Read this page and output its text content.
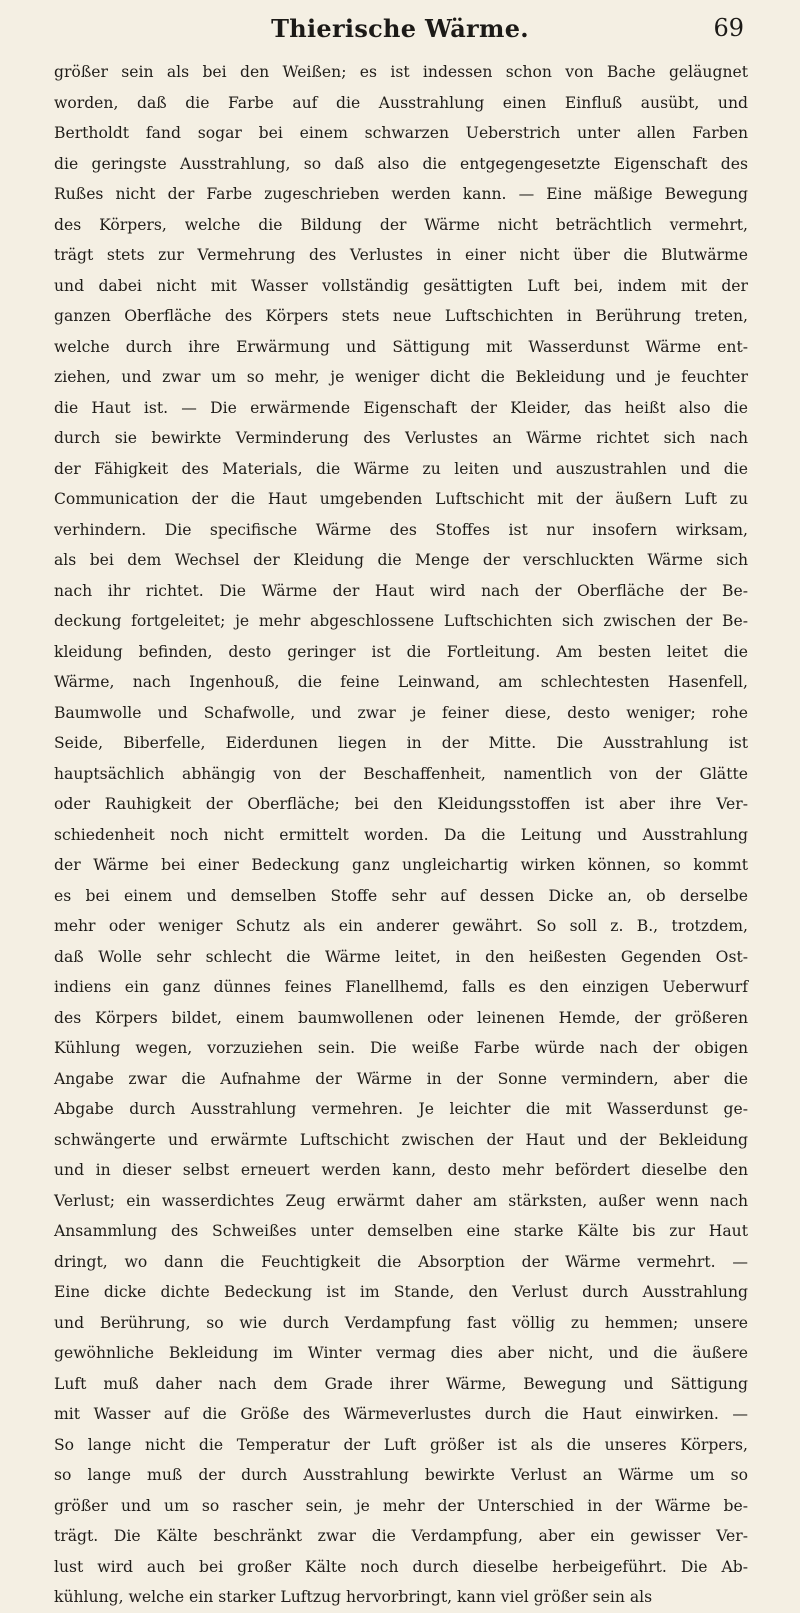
Thierische Wärme.	69
größer sein als bei den Weißen; es ist indessen schon von Bache geläugnet
worden, daß die Farbe auf die Ausstrahlung einen Einfluß ausübt, und
Bertholdt fand sogar bei einem schwarzen Ueberstrich unter allen Farben
die geringste Ausstrahlung, so daß also die entgegengesetzte Eigenschaft des
Rußes nicht der Farbe zugeschrieben werden kann. — Eine mäßige Bewegung
des Körpers, welche die Bildung der Wärme nicht beträchtlich vermehrt,
trägt stets zur Vermehrung des Verlustes in einer nicht über die Blutwärme
und dabei nicht mit Wasser vollständig gesättigten Luft bei, indem mit der
ganzen Oberfläche des Körpers stets neue Luftschichten in Berührung treten,
welche durch ihre Erwärmung und Sättigung mit Wasserdunst Wärme ent-
ziehen, und zwar um so mehr, je weniger dicht die Bekleidung und je feuchter
die Haut ist. — Die erwärmende Eigenschaft der Kleider, das heißt also die
durch sie bewirkte Verminderung des Verlustes an Wärme richtet sich nach
der Fähigkeit des Materials, die Wärme zu leiten und auszustrahlen und die
Communication der die Haut umgebenden Luftschicht mit der äußern Luft zu
verhindern. Die specifische Wärme des Stoffes ist nur insofern wirksam,
als bei dem Wechsel der Kleidung die Menge der verschluckten Wärme sich
nach ihr richtet. Die Wärme der Haut wird nach der Oberfläche der Be-
deckung fortgeleitet; je mehr abgeschlossene Luftschichten sich zwischen der Be-
kleidung befinden, desto geringer ist die Fortleitung. Am besten leitet die
Wärme, nach Ingenhouß, die feine Leinwand, am schlechtesten Hasenfell,
Baumwolle und Schafwolle, und zwar je feiner diese, desto weniger; rohe
Seide, Biberfelle, Eiderdunen liegen in der Mitte. Die Ausstrahlung ist
hauptsächlich abhängig von der Beschaffenheit, namentlich von der Glätte
oder Rauhigkeit der Oberfläche; bei den Kleidungsstoffen ist aber ihre Ver-
schiedenheit noch nicht ermittelt worden. Da die Leitung und Ausstrahlung
der Wärme bei einer Bedeckung ganz ungleichartig wirken können, so kommt
es bei einem und demselben Stoffe sehr auf dessen Dicke an, ob derselbe
mehr oder weniger Schutz als ein anderer gewährt. So soll z. B., trotzdem,
daß Wolle sehr schlecht die Wärme leitet, in den heißesten Gegenden Ost-
indiens ein ganz dünnes feines Flanellhemd, falls es den einzigen Ueberwurf
des Körpers bildet, einem baumwollenen oder leinenen Hemde, der größeren
Kühlung wegen, vorzuziehen sein. Die weiße Farbe würde nach der obigen
Angabe zwar die Aufnahme der Wärme in der Sonne vermindern, aber die
Abgabe durch Ausstrahlung vermehren. Je leichter die mit Wasserdunst ge-
schwängerte und erwärmte Luftschicht zwischen der Haut und der Bekleidung
und in dieser selbst erneuert werden kann, desto mehr befördert dieselbe den
Verlust; ein wasserdichtes Zeug erwärmt daher am stärksten, außer wenn nach
Ansammlung des Schweißes unter demselben eine starke Kälte bis zur Haut
dringt, wo dann die Feuchtigkeit die Absorption der Wärme vermehrt. —
Eine dicke dichte Bedeckung ist im Stande, den Verlust durch Ausstrahlung
und Berührung, so wie durch Verdampfung fast völlig zu hemmen; unsere
gewöhnliche Bekleidung im Winter vermag dies aber nicht, und die äußere
Luft muß daher nach dem Grade ihrer Wärme, Bewegung und Sättigung
mit Wasser auf die Größe des Wärmeverlustes durch die Haut einwirken. —
So lange nicht die Temperatur der Luft größer ist als die unseres Körpers,
so lange muß der durch Ausstrahlung bewirkte Verlust an Wärme um so
größer und um so rascher sein, je mehr der Unterschied in der Wärme be-
trägt. Die Kälte beschränkt zwar die Verdampfung, aber ein gewisser Ver-
lust wird auch bei großer Kälte noch durch dieselbe herbeigeführt. Die Ab-
kühlung, welche ein starker Luftzug hervorbringt, kann viel größer sein als
